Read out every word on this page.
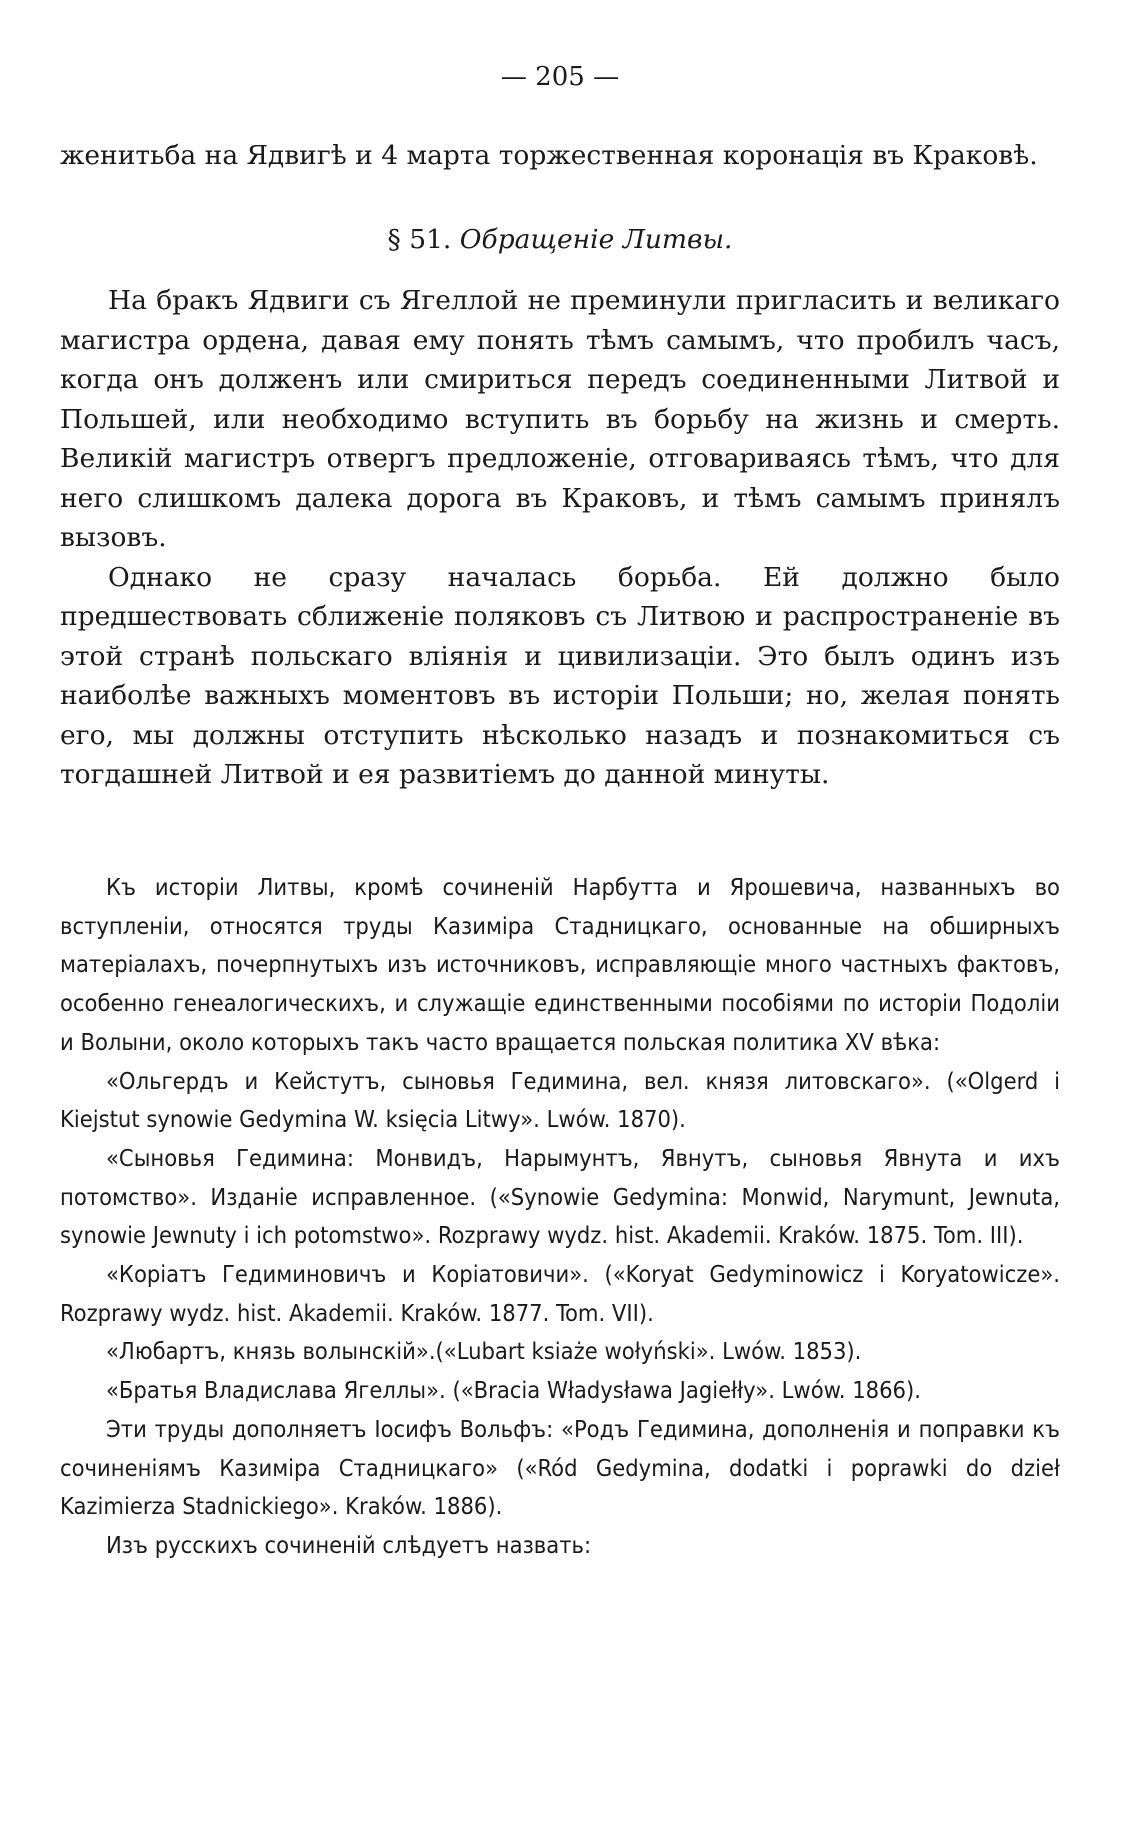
— 205 —

женитьба на Ядвигѣ и 4 марта торжественная коронація въ Краковѣ.

§ 51. Обращеніе Литвы.

На бракъ Ядвиги съ Ягеллой не преминули пригласить и великаго магистра ордена, давая ему понять тѣмъ самымъ, что пробилъ часъ, когда онъ долженъ или смириться передъ соединенными Литвой и Польшей, или необходимо вступить въ борьбу на жизнь и смерть. Великій магистръ отвергъ предложеніе, отговариваясь тѣмъ, что для него слишкомъ далека дорога въ Краковъ, и тѣмъ самымъ принялъ вызовъ.

Однако не сразу началась борьба. Ей должно было предшествовать сближеніе поляковъ съ Литвою и распространеніе въ этой странѣ польскаго вліянія и цивилизаціи. Это былъ одинъ изъ наиболѣе важныхъ моментовъ въ исторіи Польши; но, желая понять его, мы должны отступить нѣсколько назадъ и познакомиться съ тогдашней Литвой и ея развитіемъ до данной минуты.

Къ исторіи Литвы, кромѣ сочиненій Нарбутта и Ярошевича, названныхъ во вступленіи, относятся труды Казиміра Стадницкаго, основанные на обширныхъ матеріалахъ, почерпнутыхъ изъ источниковъ, исправляющіе много частныхъ фактовъ, особенно генеалогическихъ, и служащіе единственными пособіями по исторіи Подоліи и Волыни, около которыхъ такъ часто вращается польская политика XV вѣка:

«Ольгердъ и Кейстутъ, сыновья Гедимина, вел. князя литовскаго». («Olgerd i Kiejstut synowie Gedymina W. księcia Litwy». Lwów. 1870).

«Сыновья Гедимина: Монвидъ, Нарымунтъ, Явнутъ, сыновья Явнута и ихъ потомство». Изданіе исправленное. («Synowie Gedymina: Monwid, Narymunt, Jewnuta, synowie Jewnuty i ich potomstwo». Rozprawy wydz. hist. Akademii. Kraków. 1875. Tom. III).

«Коріатъ Гедиминовичъ и Коріатовичи». («Koryat Gedyminowicz i Koryatowicze». Rozprawy wydz. hist. Akademii. Kraków. 1877. Tom. VII).

«Любартъ, князь волынскій».(«Lubart ksiaże wołyński». Lwów. 1853).

«Братья Владислава Ягеллы». («Bracia Władysława Jagiełły». Lwów. 1866).

Эти труды дополняетъ Іосифъ Вольфъ: «Родъ Гедимина, дополненія и поправки къ сочиненіямъ Казиміра Стадницкаго» («Ród Gedymina, dodatki i poprawki do dzieł Kazimierza Stadnickiego». Kraków. 1886).

Изъ русскихъ сочиненій слѣдуетъ назвать:
